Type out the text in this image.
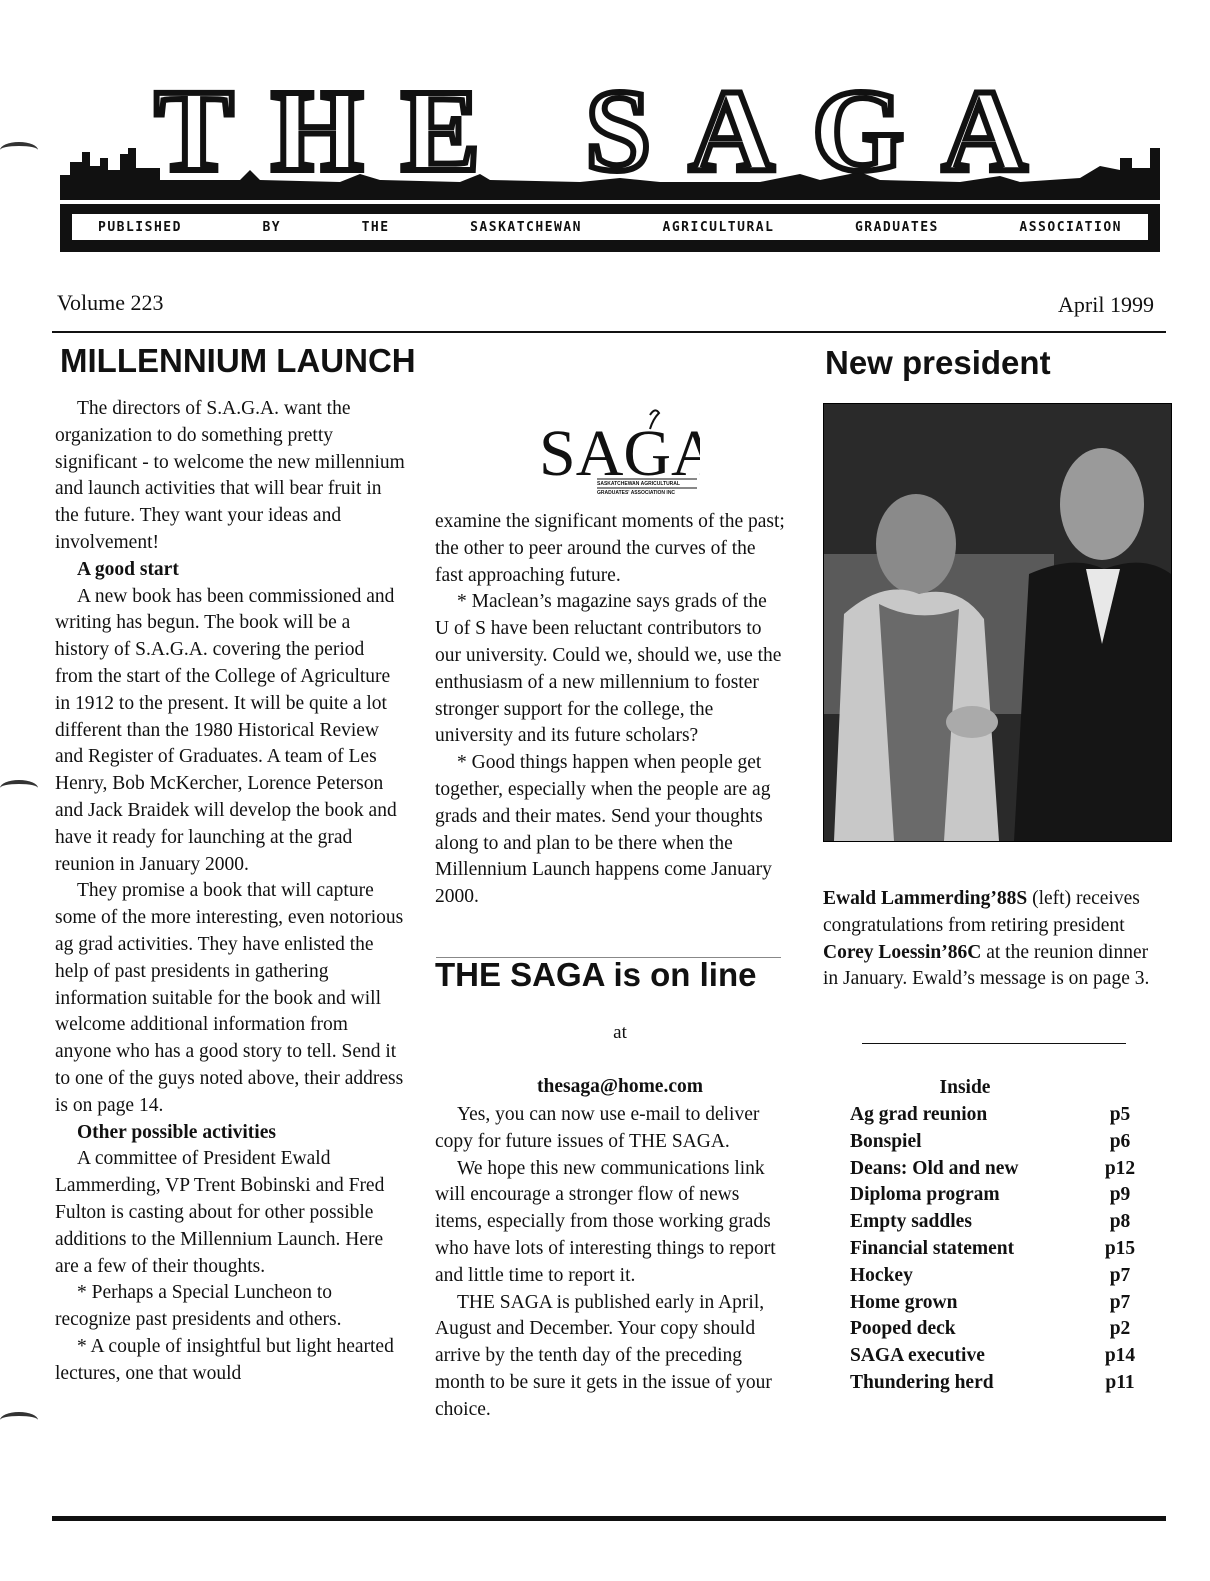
THE SAGA
PUBLISHED	BY	THE	SASKATCHEWAN	AGRICULTURAL	GRADUATES	ASSOCIATION
Volume 223	April 1999
MILLENNIUM LAUNCH

The directors of S.A.G.A. want the organization to do something pretty significant - to welcome the new millennium and launch activities that will bear fruit in the future. They want your ideas and involvement!

A good start

A new book has been commissioned and writing has begun. The book will be a history of S.A.G.A. covering the period from the start of the College of Agriculture in 1912 to the present. It will be quite a lot different than the 1980 Historical Review and Register of Graduates. A team of Les Henry, Bob McKercher, Lorence Peterson and Jack Braidek will develop the book and have it ready for launching at the grad reunion in January 2000.

They promise a book that will capture some of the more interesting, even notorious ag grad activities. They have enlisted the help of past presidents in gathering information suitable for the book and will welcome additional information from anyone who has a good story to tell. Send it to one of the guys noted above, their address is on page 14.

Other possible activities

A committee of President Ewald Lammerding, VP Trent Bobinski and Fred Fulton is casting about for other possible additions to the Millennium Launch. Here are a few of their thoughts.

* Perhaps a Special Luncheon to recognize past presidents and others.

* A couple of insightful but light hearted lectures, one that would

SAGA
SASKATCHEWAN AGRICULTURAL
GRADUATES' ASSOCIATION INC

examine the significant moments of the past; the other to peer around the curves of the fast approaching future.

* Maclean’s magazine says grads of the U of S have been reluctant contributors to our university. Could we, should we, use the enthusiasm of a new millennium to foster stronger support for the college, the university and its future scholars?

* Good things happen when people get together, especially when the people are ag grads and their mates. Send your thoughts along to and plan to be there when the Millennium Launch happens come January 2000.

THE SAGA is on line
at
thesaga@home.com

Yes, you can now use e-mail to deliver copy for future issues of THE SAGA.

We hope this new communications link will encourage a stronger flow of news items, especially from those working grads who have lots of interesting things to report and little time to report it.

THE SAGA is published early in April, August and December. Your copy should arrive by the tenth day of the preceding month to be sure it gets in the issue of your choice.

New president

Ewald Lammerding’88S (left) receives congratulations from retiring president Corey Loessin’86C at the reunion dinner in January. Ewald’s message is on page 3.

Inside
Ag grad reunion	p5
Bonspiel	p6
Deans: Old and new	p12
Diploma program	p9
Empty saddles	p8
Financial statement	p15
Hockey	p7
Home grown	p7
Pooped deck	p2
SAGA executive	p14
Thundering herd	p11
